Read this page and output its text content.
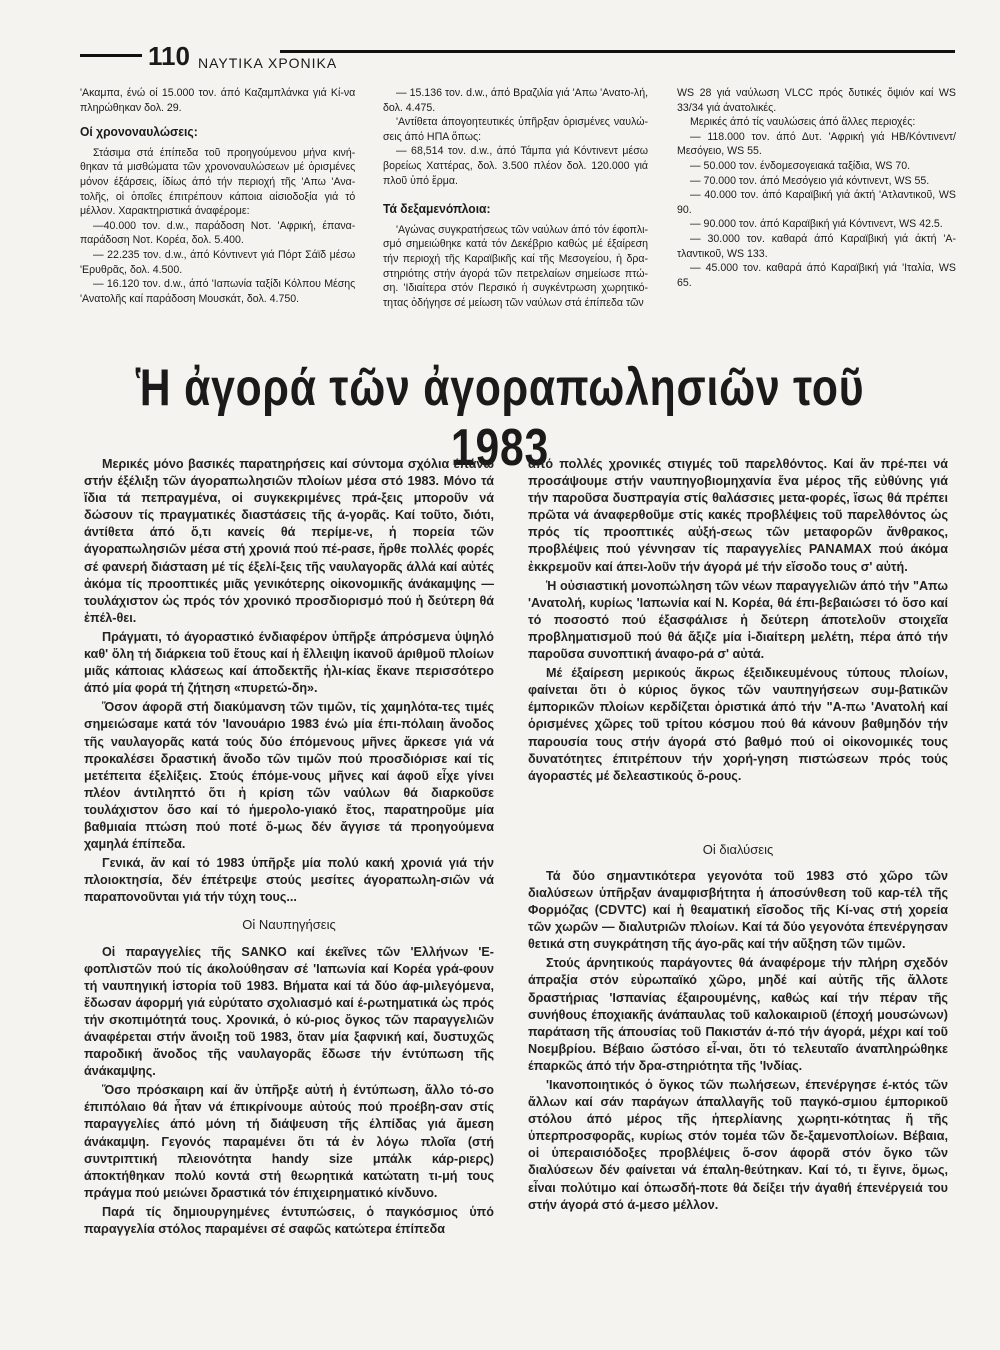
110 ΝΑΥΤΙΚΑ ΧΡΟΝΙΚΑ

'Ακαμπα, ένώ οί 15.000 τον. άπό Καζαμπλάνκα γιά Κί-να πληρώθηκαν δολ. 29.

Οί χρονοναυλώσεις:

Στάσιμα στά έπίπεδα τοῦ προηγούμενου μήνα κινή-θηκαν τά μισθώματα τῶν χρονοναυλώσεων μέ ὁρισμένες μόνον έξάρσεις, ίδίως άπό τήν περιοχή τῆς 'Απω 'Ανα-τολῆς, οἱ ὁποῖες έπιτρέπουν κάποια αἰσιοδοξία γιά τό μέλλον. Χαρακτηριστικά άναφέρομε:

—40.000 τον. d.w., παράδοση Νοτ. 'Αφρική, έπανα-παράδοση Νοτ. Κορέα, δολ. 5.400.

— 22.235 τον. d.w., άπό Κόντινεντ γιά Πόρτ Σάϊδ μέσω 'Ερυθρᾶς, δολ. 4.500.

— 16.120 τον. d.w., άπό 'Ιαπωνία ταξίδι Κόλπου Μέσης 'Ανατολῆς καί παράδοση Μουσκάτ, δολ. 4.750.

— 15.136 τον. d.w., άπό Βραζιλία γιά 'Απω 'Ανατο-λή, δολ. 4.475.

'Αντίθετα άπογοητευτικές ὑπῆρξαν ὁρισμένες ναυλώ-σεις άπό ΗΠΑ ὅπως:

— 68,514 τον. d.w., άπό Τάμπα γιά Κόντινεντ μέσω βορείως Χαττέρας, δολ. 3.500 πλέον δολ. 120.000 γιά πλοῦ ὑπό ἕρμα.

Τά δεξαμενόπλοια:

'Αγώνας συγκρατήσεως τῶν ναύλων άπό τόν έφοπλι-σμό σημειώθηκε κατά τόν Δεκέβριο καθώς μέ έξαίρεση τήν περιοχή τῆς Καραϊβικῆς καί τῆς Μεσογείου, ἡ δρα-στηριότης στήν άγορά τῶν πετρελαίων σημείωσε πτώ-ση. 'Ιδιαίτερα στόν Περσικό ἡ συγκέντρωση χωρητικό-τητας ὁδήγησε σέ μείωση τῶν ναύλων στά έπίπεδα τῶν

WS 28 γιά ναύλωση VLCC πρός δυτικές ὄψιόν καί WS 33/34 γιά άνατολικές.

Μερικές άπό τίς ναυλώσεις άπό ἄλλες περιοχές:

— 118.000 τον. άπό Δυτ. 'Αφρική γιά HB/Κόντινεντ/Μεσόγειο, WS 55.

— 50.000 τον. ένδομεσογειακά ταξίδια, WS 70.

— 70.000 τον. άπό Μεσόγειο γιά κόντινεντ, WS 55.

— 40.000 τον. άπό Καραϊβική γιά άκτή 'Ατλαντικοῦ, WS 90.

— 90.000 τον. άπό Καραϊβική γιά Κόντινεντ, WS 42.5.

— 30.000 τον. καθαρά άπό Καραϊβική γιά άκτή 'Α-τλαντικοῦ, WS 133.

— 45.000 τον. καθαρά άπό Καραϊβική γιά 'Ιταλία, WS 65.

Ἡ ἀγορά τῶν ἀγοραπωλησιῶν τοῦ 1983

Μερικές μόνο βασικές παρατηρήσεις καί σύντομα σχόλια έπάνω στήν έξέλιξη τῶν άγοραπωλησιῶν πλοίων μέσα στό 1983. Μόνο τά ἴδια τά πεπραγμένα, οἱ συγκεκριμένες πρά-ξεις μποροῦν νά δώσουν τίς πραγματικές διαστάσεις τῆς ά-γορᾶς. Καί τοῦτο, διότι, άντίθετα άπό ὅ,τι κανείς θά περίμε-νε, ἡ πορεία τῶν άγοραπωλησιῶν μέσα στή χρονιά πού πέ-ρασε, ἥρθε πολλές φορές σέ φανερή διάσταση μέ τίς έξελί-ξεις τῆς ναυλαγορᾶς άλλά καί αὐτές ἀκόμα τίς προοπτικές μιᾶς γενικότερης οἰκονομικῆς άνάκαμψης — τουλάχιστον ὡς πρός τόν χρονικό προσδιορισμό πού ἡ δεύτερη θά ἐπέλ-θει.

Πράγματι, τό άγοραστικό ένδιαφέρον ὑπῆρξε άπρόσμενα ὑψηλό καθ' ὅλη τή διάρκεια τοῦ ἔτους καί ἡ ἔλλειψη ἱκανοῦ άριθμοῦ πλοίων μιᾶς κάποιας κλάσεως καί άποδεκτῆς ἡλι-κίας ἔκανε περισσότερο άπό μία φορά τή ζήτηση «πυρετώ-δη».

Ὅσον άφορᾶ στή διακύμανση τῶν τιμῶν, τίς χαμηλότα-τες τιμές σημειώσαμε κατά τόν 'Ιανουάριο 1983 ένώ μία έπι-πόλαιη ἄνοδος τῆς ναυλαγορᾶς κατά τούς δύο έπόμενους μῆνες ἄρκεσε γιά νά προκαλέσει δραστική ἄνοδο τῶν τιμῶν πού προσδιόρισε καί τίς μετέπειτα έξελίξεις. Στούς έπόμε-νους μῆνες καί άφοῦ εἶχε γίνει πλέον άντιληπτό ὅτι ἡ κρίση τῶν ναύλων θά διαρκοῦσε τουλάχιστον ὅσο καί τό ἡμερολο-γιακό ἔτος, παρατηροῦμε μία βαθμιαία πτώση πού ποτέ ὅ-μως δέν ἄγγισε τά προηγούμενα χαμηλά έπίπεδα.

Γενικά, ἄν καί τό 1983 ὑπῆρξε μία πολύ κακή χρονιά γιά τήν πλοιοκτησία, δέν έπέτρεψε στούς μεσίτες άγοραπωλη-σιῶν νά παραπονοῦνται γιά τήν τύχη τους...

Οἱ Ναυπηγήσεις

Οἱ παραγγελίες τῆς SANKO καί έκεῖνες τῶν 'Ελλήνων 'Ε-φοπλιστῶν πού τίς άκολούθησαν σέ 'Ιαπωνία καί Κορέα γρά-φουν τή ναυπηγική ἱστορία τοῦ 1983. Βήματα καί τά δύο άφ-μιλεγόμενα, ἔδωσαν άφορμή γιά εὐρύτατο σχολιασμό καί έ-ρωτηματικά ὡς πρός τήν σκοπιμότητά τους. Χρονικά, ὁ κύ-ριος ὄγκος τῶν παραγγελιῶν άναφέρεται στήν ἄνοιξη τοῦ 1983, ὅταν μία ξαφνική καί, δυστυχῶς παροδική ἄνοδος τῆς ναυλαγορᾶς ἔδωσε τήν έντύπωση τῆς άνάκαμψης.

Ὅσο πρόσκαιρη καί ἄν ὑπῆρξε αὐτή ἡ έντύπωση, ἄλλο τό-σο έπιπόλαιο θά ἦταν νά έπικρίνουμε αὐτούς πού προέβη-σαν στίς παραγγελίες άπό μόνη τή διάψευση τῆς έλπίδας γιά ἄμεση άνάκαμψη. Γεγονός παραμένει ὅτι τά ἐν λόγω πλοῖα (στή συντριπτική πλειονότητα handy size μπάλκ κάρ-ριερς) άποκτήθηκαν πολύ κοντά στή θεωρητικά κατώτατη τι-μή τους πράγμα πού μειώνει δραστικά τόν έπιχειρηματικό κίνδυνο.

Παρά τίς δημιουργημένες έντυπώσεις, ὁ παγκόσμιος ὑπό παραγγελία στόλος παραμένει σέ σαφῶς κατώτερα έπίπεδα

άπό πολλές χρονικές στιγμές τοῦ παρελθόντος. Καί ἄν πρέ-πει νά προσάψουμε στήν ναυπηγοβιομηχανία ἕνα μέρος τῆς εὐθύνης γιά τήν παροῦσα δυσπραγία στίς θαλάσσιες μετα-φορές, ἴσως θά πρέπει πρῶτα νά άναφερθοῦμε στίς κακές προβλέψεις τοῦ παρελθόντος ὡς πρός τίς προοπτικές αὐξή-σεως τῶν μεταφορῶν ἄνθρακος, προβλέψεις πού γέννησαν τίς παραγγελίες PANAMAX πού άκόμα ἐκκρεμοῦν καί άπει-λοῦν τήν άγορά μέ τήν εἴσοδο τους σ' αὐτή.

Ἡ οὐσιαστική μονοπώληση τῶν νέων παραγγελιῶν άπό τήν "Απω 'Ανατολή, κυρίως 'Ιαπωνία καί Ν. Κορέα, θά έπι-βεβαιώσει τό ὅσο καί τό ποσοστό πού έξασφάλισε ἡ δεύτερη άποτελοῦν στοιχεῖα προβληματισμοῦ πού θά ἄξιζε μία ἰ-διαίτερη μελέτη, πέρα άπό τήν παροῦσα συνοπτική άναφο-ρά σ' αὐτά.

Μέ έξαίρεση μερικούς ἄκρως έξειδικευμένους τύπους πλοίων, φαίνεται ὅτι ὁ κύριος ὄγκος τῶν ναυπηγήσεων συμ-βατικῶν έμπορικῶν πλοίων κερδίζεται ὁριστικά άπό τήν "Α-πω 'Ανατολή καί ὁρισμένες χῶρες τοῦ τρίτου κόσμου πού θά κάνουν βαθμηδόν τήν παρουσία τους στήν άγορά στό βαθμό πού οἱ οἰκονομικές τους δυνατότητες έπιτρέπουν τήν χορή-γηση πιστώσεων πρός τούς άγοραστές μέ δελεαστικούς ὅ-ρους.

Οἱ διαλύσεις

Τά δύο σημαντικότερα γεγονότα τοῦ 1983 στό χῶρο τῶν διαλύσεων ὑπῆρξαν άναμφισβήτητα ἡ άποσύνθεση τοῦ καρ-τέλ τῆς Φορμόζας (CDVTC) καί ἡ θεαματική εἴσοδος τῆς Κί-νας στή χορεία τῶν χωρῶν — διαλυτριῶν πλοίων. Καί τά δύο γεγονότα έπενέργησαν θετικά στη συγκράτηση τῆς άγο-ρᾶς καί τήν αὔξηση τῶν τιμῶν.

Στούς άρνητικούς παράγοντες θά άναφέρομε τήν πλήρη σχεδόν άπραξία στόν εὐρωπαϊκό χῶρο, μηδέ καί αὐτῆς τῆς ἄλλοτε δραστήριας 'Ισπανίας έξαιρουμένης, καθώς καί τήν πέραν τῆς συνήθους έποχιακῆς άνάπαυλας τοῦ καλοκαιριοῦ (έποχή μουσώνων) παράταση τῆς άπουσίας τοῦ Πακιστάν ά-πό τήν άγορά, μέχρι καί τοῦ Νοεμβρίου. Βέβαιο ὥστόσο εἶ-ναι, ὅτι τό τελευταῖο άναπληρώθηκε έπαρκῶς άπό τήν δρα-στηριότητα τῆς 'Ινδίας.

'Ικανοποιητικός ὁ ὄγκος τῶν πωλήσεων, έπενέργησε έ-κτός τῶν ἄλλων καί σάν παράγων άπαλλαγῆς τοῦ παγκό-σμιου έμπορικοῦ στόλου άπό μέρος τῆς ἡπερλίανης χωρητι-κότητας ἤ τῆς ὑπερπροσφορᾶς, κυρίως στόν τομέα τῶν δε-ξαμενοπλοίων. Βέβαια, οἱ ὑπεραισιόδοξες προβλέψεις ὅ-σον άφορᾶ στόν ὄγκο τῶν διαλύσεων δέν φαίνεται νά έπαλη-θεύτηκαν. Καί τό, τι ἔγινε, ὅμως, εἶναι πολύτιμο καί ὁπωσδή-ποτε θά δείξει τήν άγαθή έπενέργειά του στήν άγορά στό ά-μεσο μέλλον.
